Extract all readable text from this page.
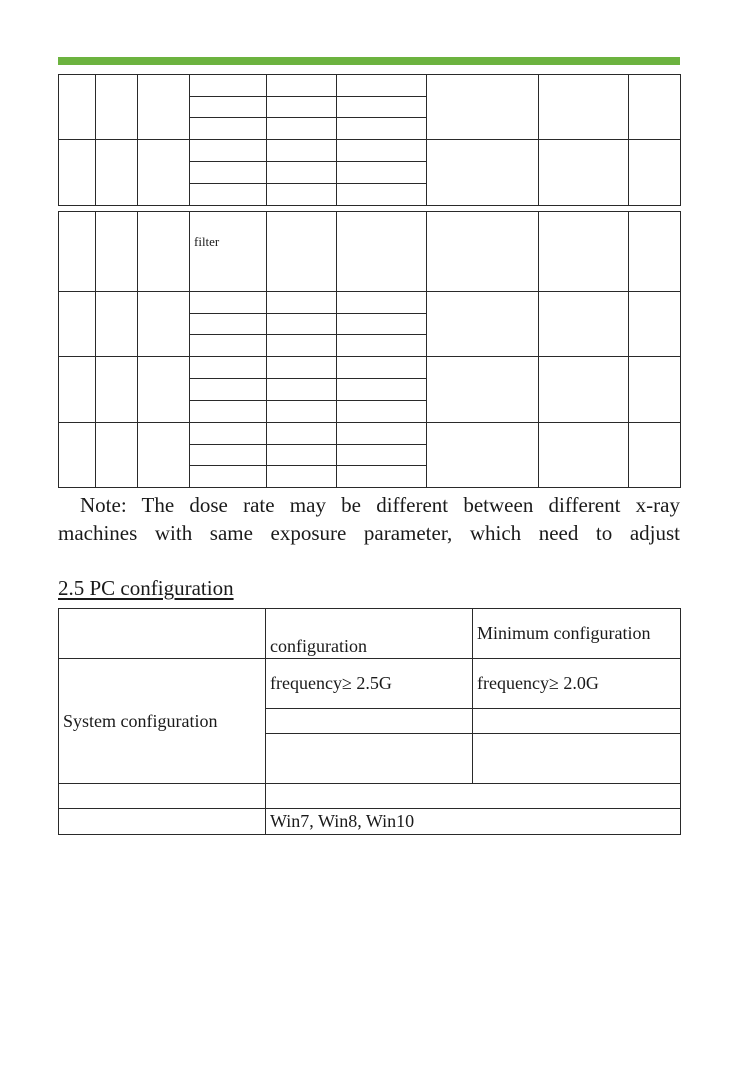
			filter					

Note: The dose rate may be different between different x-ray
machines with same exposure parameter, which need to adjust
2.5 PC configuration
	configuration	Minimum configuration
System configuration	frequency≥ 2.5G	frequency≥ 2.0G

	Win7, Win8, Win10	
